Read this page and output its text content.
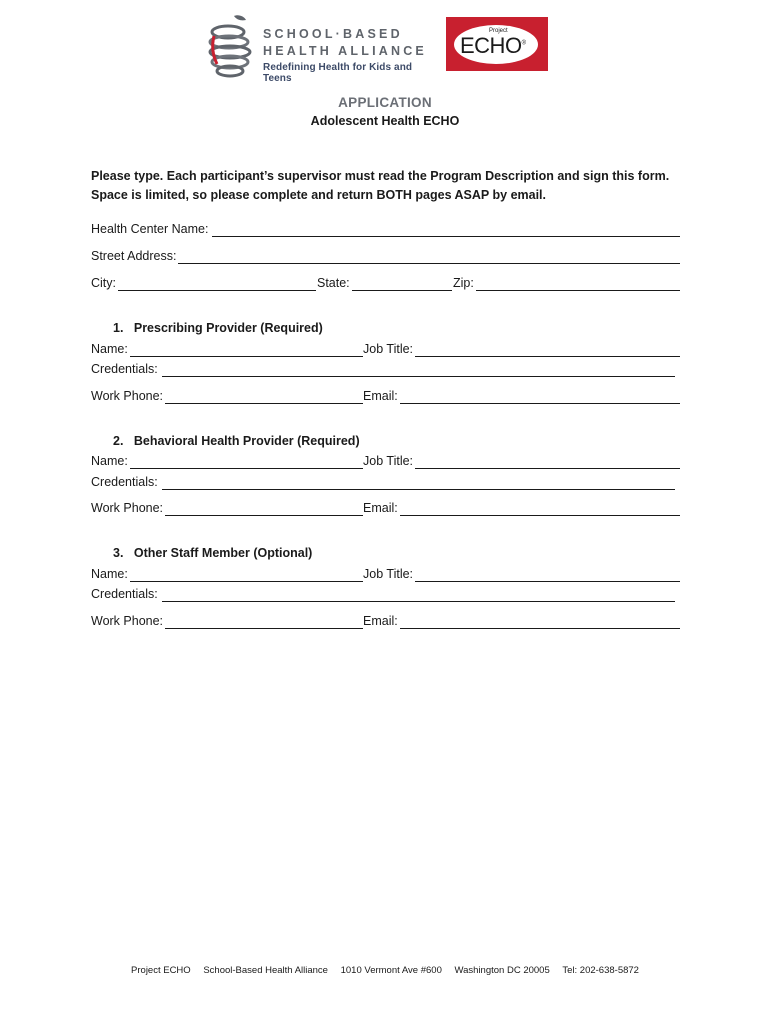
SCHOOL·BASED
HEALTH ALLIANCE
Redefining Health for Kids and Teens
Project
ECHO®
APPLICATION
Adolescent Health ECHO
Please type. Each participant’s supervisor must read the Program Description and sign this form. Space is limited, so please complete and return BOTH pages ASAP by email.
Health Center Name:
Street Address:
City:	State:	Zip:
1. Prescribing Provider (Required)
Name:	Job Title:
Credentials:
Work Phone:	Email:
2. Behavioral Health Provider (Required)
Name:	Job Title:
Credentials:
Work Phone:	Email:
3. Other Staff Member (Optional)
Name:	Job Title:
Credentials:
Work Phone:	Email:
Project ECHO School-Based Health Alliance 1010 Vermont Ave #600 Washington DC 20005 Tel: 202-638-5872
